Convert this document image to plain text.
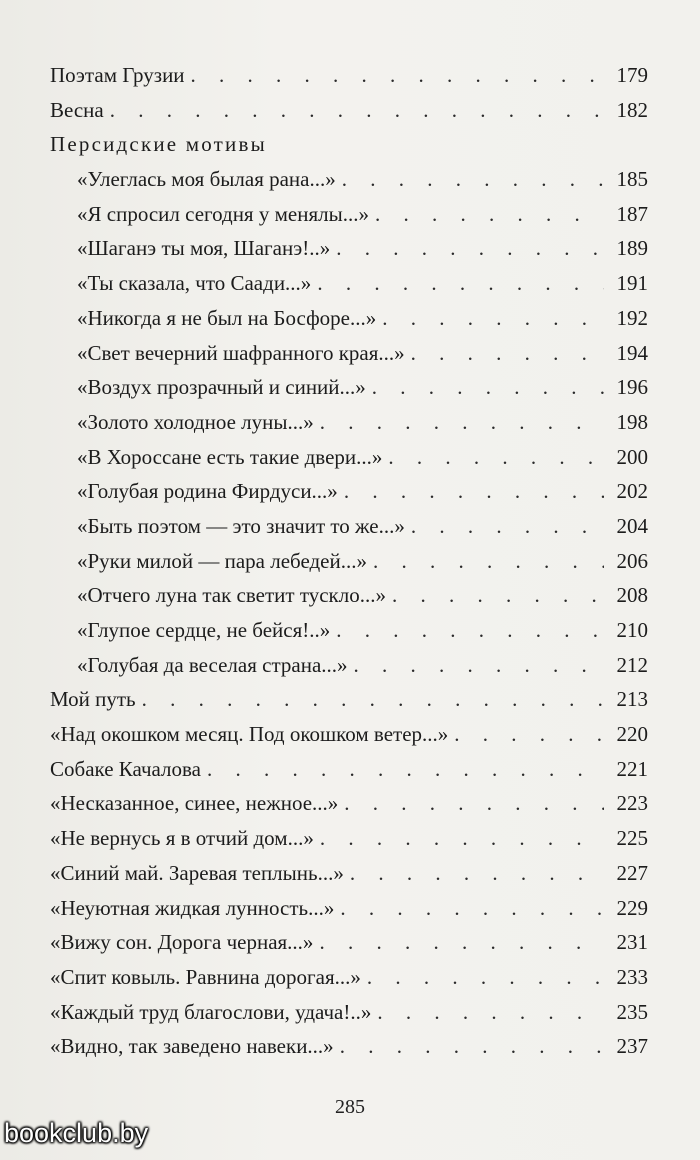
Поэтам Грузии . . .	179
Весна . . .	182
Персидские мотивы
«Улеглась моя былая рана...» . . .	185
«Я спросил сегодня у менялы...» . . .	187
«Шаганэ ты моя, Шаганэ!..» . . .	189
«Ты сказала, что Саади...» . . .	191
«Никогда я не был на Босфоре...» . . .	192
«Свет вечерний шафранного края...» . . .	194
«Воздух прозрачный и синий...» . . .	196
«Золото холодное луны...» . . .	198
«В Хороссане есть такие двери...» . . .	200
«Голубая родина Фирдуси...» . . .	202
«Быть поэтом — это значит то же...» . . .	204
«Руки милой — пара лебедей...» . . .	206
«Отчего луна так светит тускло...» . . .	208
«Глупое сердце, не бейся!..» . . .	210
«Голубая да веселая страна...» . . .	212
Мой путь . . .	213
«Над окошком месяц. Под окошком ветер...» . . .	220
Собаке Качалова . . .	221
«Несказанное, синее, нежное...» . . .	223
«Не вернусь я в отчий дом...» . . .	225
«Синий май. Заревая теплынь...» . . .	227
«Неуютная жидкая лунность...» . . .	229
«Вижу сон. Дорога черная...» . . .	231
«Спит ковыль. Равнина дорогая...» . . .	233
«Каждый труд благослови, удача!..» . . .	235
«Видно, так заведено навеки...» . . .	237
285
bookclub.by
